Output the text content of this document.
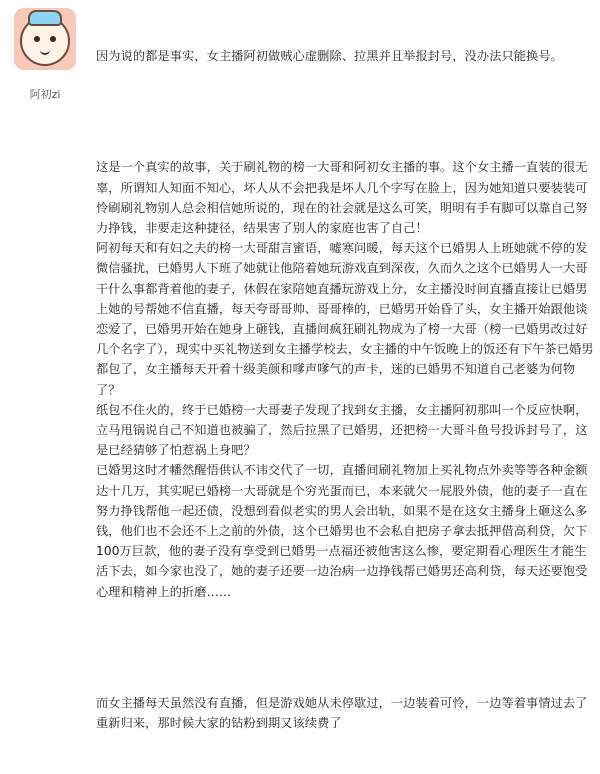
阿初zi

因为说的都是事实，女主播阿初做贼心虚删除、拉黑并且举报封号，没办法只能换号。

这是一个真实的故事，关于刷礼物的榜一大哥和阿初女主播的事。这个女主播一直装的很无辜，所谓知人知面不知心，坏人从不会把我是坏人几个字写在脸上，因为她知道只要装装可怜刷刷礼物别人总会相信她所说的，现在的社会就是这么可笑，明明有手有脚可以靠自己努力挣钱，非要走这种捷径，结果害了别人的家庭也害了自己！
阿初每天和有妇之夫的榜一大哥甜言蜜语，嘘寒问暖，每天这个已婚男人上班她就不停的发微信骚扰，已婚男人下班了她就让他陪着她玩游戏直到深夜，久而久之这个已婚男人一大哥干什么事都背着他的妻子，休假在家陪她直播玩游戏上分，女主播没时间直播直接让已婚男上她的号帮她不信直播，每天夸哥哥帅、哥哥棒的，已婚男开始昏了头，女主播开始跟他谈恋爱了，已婚男开始在她身上砸钱，直播间疯狂刷礼物成为了榜一大哥（榜一已婚男改过好几个名字了），现实中买礼物送到女主播学校去，女主播的中午饭晚上的饭还有下午茶已婚男都包了，女主播每天开着十级美颜和嗲声嗲气的声卡，迷的已婚男不知道自己老婆为何物了？
纸包不住火的，终于已婚榜一大哥妻子发现了找到女主播，女主播阿初那叫一个反应快啊，立马甩锅说自己不知道也被骗了，然后拉黑了已婚男，还把榜一大哥斗鱼号投诉封号了，这是已经猜够了怕惹祸上身吧？
已婚男这时才幡然醒悟供认不讳交代了一切，直播间刷礼物加上买礼物点外卖等等各种金额达十几万，其实呢已婚榜一大哥就是个穷光蛋而已，本来就欠一屁股外债，他的妻子一直在努力挣钱帮他一起还债，没想到看似老实的男人会出轨，如果不是在这女主播身上砸这么多钱，他们也不会还不上之前的外债，这个已婚男也不会私自把房子拿去抵押借高利贷，欠下100万巨款，他的妻子没有享受到已婚男一点福还被他害这么惨，要定期看心理医生才能生活下去，如今家也没了，她的妻子还要一边治病一边挣钱帮已婚男还高利贷，每天还要饱受心理和精神上的折磨……

而女主播每天虽然没有直播，但是游戏她从未停歇过，一边装着可怜，一边等着事情过去了重新归来，那时候大家的钻粉到期又该续费了
